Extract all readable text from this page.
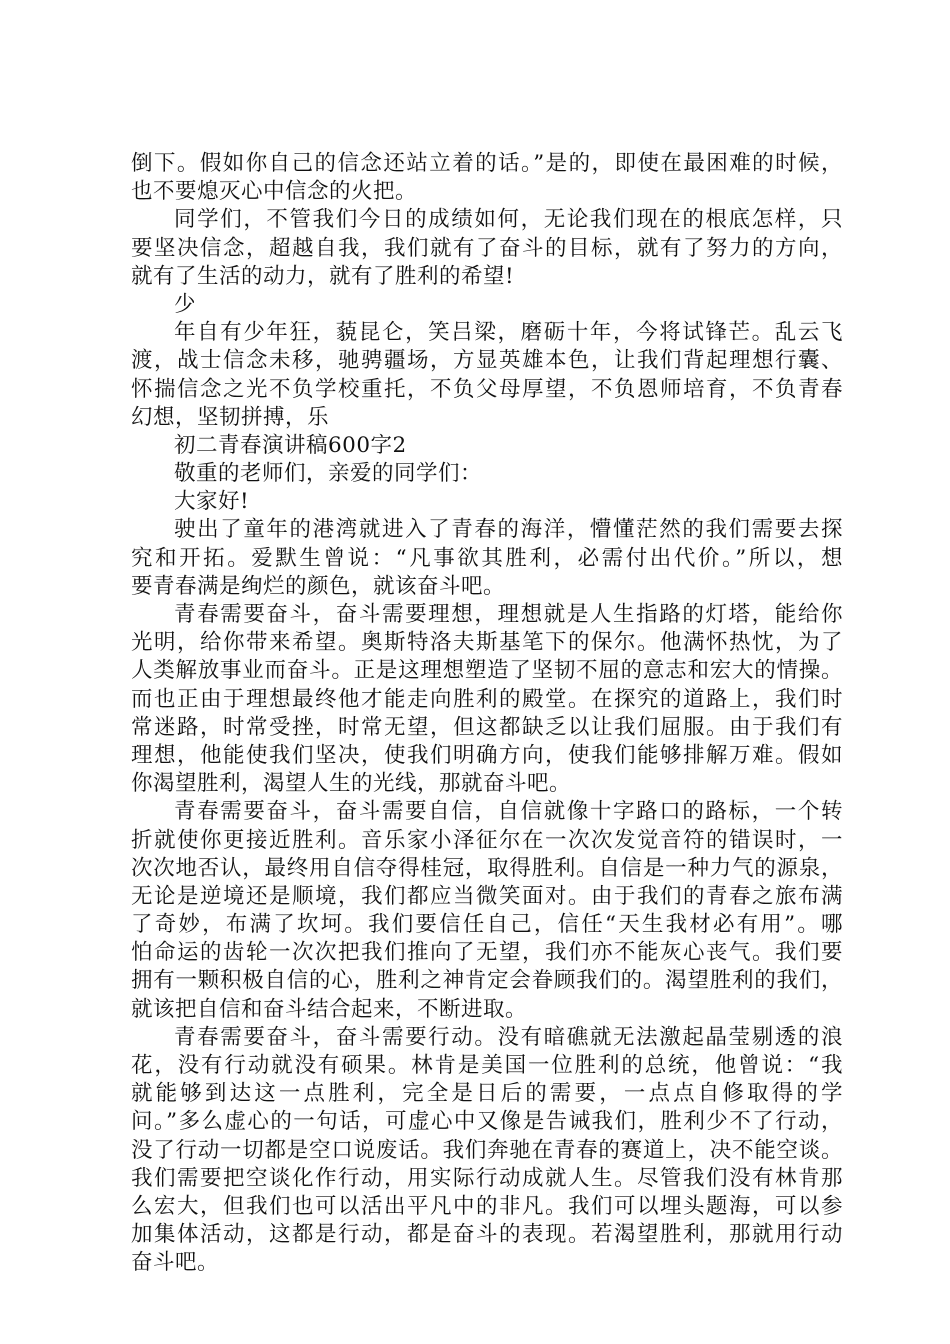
倒下。假如你自己的信念还站立着的话。”是的，即使在最困难的时候，
也不要熄灭心中信念的火把。
同学们，不管我们今日的成绩如何，无论我们现在的根底怎样，只
要坚决信念，超越自我，我们就有了奋斗的目标，就有了努力的方向，
就有了生活的动力，就有了胜利的希望!
少
年自有少年狂，藐昆仑，笑吕梁，磨砺十年，今将试锋芒。乱云飞
渡，战士信念未移，驰骋疆场，方显英雄本色，让我们背起理想行囊、
怀揣信念之光不负学校重托，不负父母厚望，不负恩师培育，不负青春
幻想，坚韧拼搏，乐
初二青春演讲稿600字2
敬重的老师们，亲爱的同学们：
大家好!
驶出了童年的港湾就进入了青春的海洋，懵懂茫然的我们需要去探
究和开拓。爱默生曾说：“凡事欲其胜利，必需付出代价。”所以，想
要青春满是绚烂的颜色，就该奋斗吧。
青春需要奋斗，奋斗需要理想，理想就是人生指路的灯塔，能给你
光明，给你带来希望。奥斯特洛夫斯基笔下的保尔。他满怀热忱，为了
人类解放事业而奋斗。正是这理想塑造了坚韧不屈的意志和宏大的情操。
而也正由于理想最终他才能走向胜利的殿堂。在探究的道路上，我们时
常迷路，时常受挫，时常无望，但这都缺乏以让我们屈服。由于我们有
理想，他能使我们坚决，使我们明确方向，使我们能够排解万难。假如
你渴望胜利，渴望人生的光线，那就奋斗吧。
青春需要奋斗，奋斗需要自信，自信就像十字路口的路标，一个转
折就使你更接近胜利。音乐家小泽征尔在一次次发觉音符的错误时，一
次次地否认，最终用自信夺得桂冠，取得胜利。自信是一种力气的源泉，
无论是逆境还是顺境，我们都应当微笑面对。由于我们的青春之旅布满
了奇妙，布满了坎坷。我们要信任自己，信任“天生我材必有用”。哪
怕命运的齿轮一次次把我们推向了无望，我们亦不能灰心丧气。我们要
拥有一颗积极自信的心，胜利之神肯定会眷顾我们的。渴望胜利的我们，
就该把自信和奋斗结合起来，不断进取。
青春需要奋斗，奋斗需要行动。没有暗礁就无法激起晶莹剔透的浪
花，没有行动就没有硕果。林肯是美国一位胜利的总统，他曾说：“我
就能够到达这一点胜利，完全是日后的需要，一点点自修取得的学
问。”多么虚心的一句话，可虚心中又像是告诫我们，胜利少不了行动，
没了行动一切都是空口说废话。我们奔驰在青春的赛道上，决不能空谈。
我们需要把空谈化作行动，用实际行动成就人生。尽管我们没有林肯那
么宏大，但我们也可以活出平凡中的非凡。我们可以埋头题海，可以参
加集体活动，这都是行动，都是奋斗的表现。若渴望胜利，那就用行动
奋斗吧。
